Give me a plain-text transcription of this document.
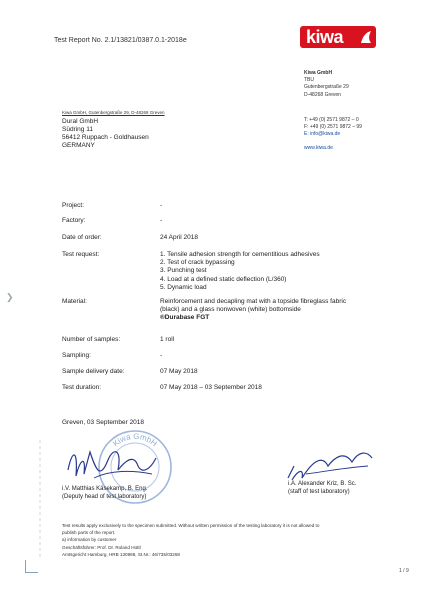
Test Report No. 2.1/13821/0387.0.1-2018e	kiwa
Kiwa GmbH
TBU
Gutenbergstraße 29
D-48268 Greven
T: +49 (0) 2571 9872 – 0
F: +49 (0) 2571 9872 – 99
E: info@kiwa.de
www.kiwa.de
Kiwa GmbH, Gutenbergstraße 29, D-48268 Greven
Dural GmbH
Südring 11
56412 Ruppach - Goldhausen
GERMANY
❯
Project:	-
Factory:	-
Date of order:	24 April 2018
Test request:	1. Tensile adhesion strength for cementitious adhesives
2. Test of crack bypassing
3. Punching test
4. Load at a defined static deflection (L/360)
5. Dynamic load
Material:	Reinforcement and decapling mat with a topside fibreglass fabric
(black) and a glass nonwoven (white) bottomside
®Durabase FGT
Number of samples:	1 roll
Sampling:	-
Sample delivery date:	07 May 2018
Test duration:	07 May 2018 – 03 September 2018
Greven, 03 September 2018
Kiwa GmbH
i.V. Matthias Käsekamp, B. Eng.
(Deputy head of test laboratory)
i.A. Alexander Kriz, B. Sc.
(staff of test laboratory)
Test results apply exclusively to the specimen submitted. Without written permission of the testing laboratory it is not allowed to
publish parts of the report.
a) information by customer
Geschäftsführer: Prof. Dr. Roland Hüttl
Amtsgericht Hamburg, HRB 130968, St.Nr.: 46/735/03268
1 / 9
